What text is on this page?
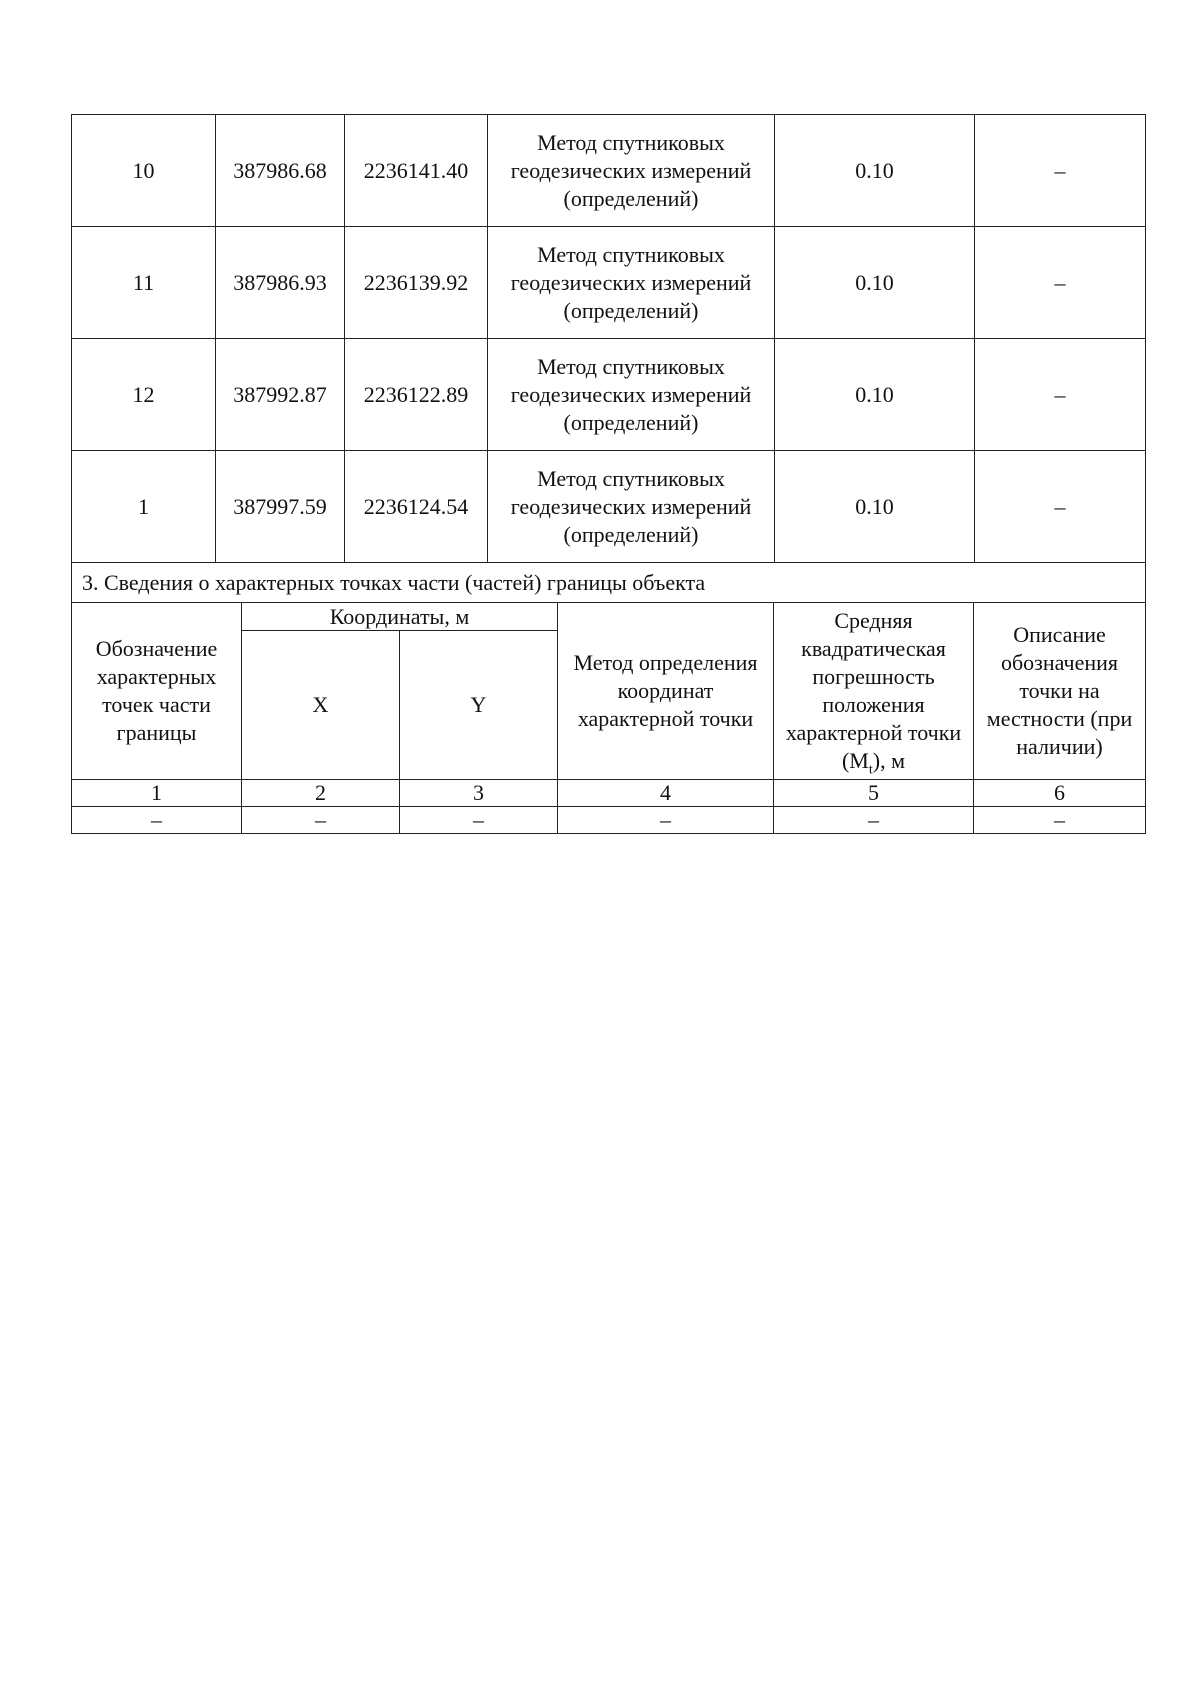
10	387986.68	2236141.40	Метод спутниковых геодезических измерений (определений)	0.10	–
11	387986.93	2236139.92	Метод спутниковых геодезических измерений (определений)	0.10	–
12	387992.87	2236122.89	Метод спутниковых геодезических измерений (определений)	0.10	–
1	387997.59	2236124.54	Метод спутниковых геодезических измерений (определений)	0.10	–
3. Сведения о характерных точках части (частей) границы объекта					
Обозначение характерных точек части границы	Координаты, м		Метод определения координат характерной точки	Средняя квадратическая погрешность положения характерной точки $(M_t)$, м	Описание обозначения точки на местности (при наличии)
	X	Y			
1	2	3	4	5	6
–	–	–	–	–	–
